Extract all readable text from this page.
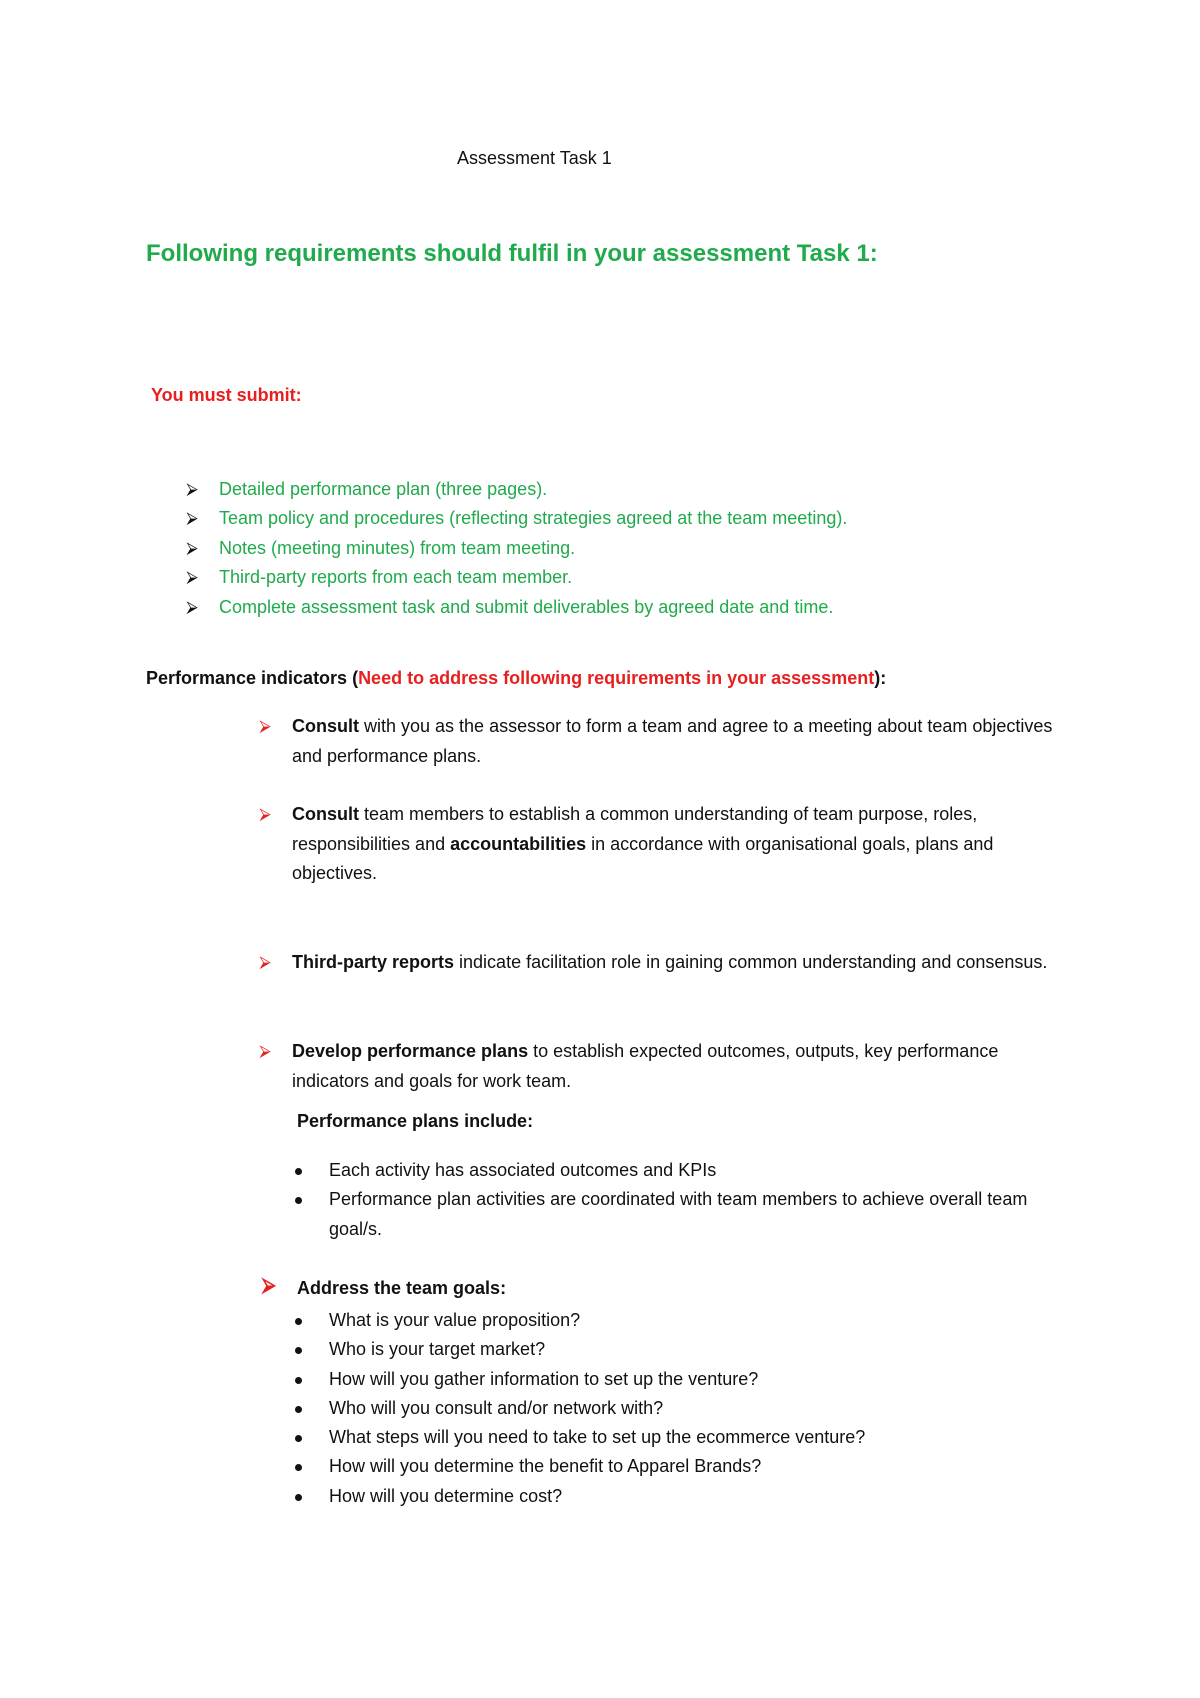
Assessment Task 1
Following requirements should fulfil in your assessment Task 1:
You must submit:
⮚ Detailed performance plan (three pages).
⮚ Team policy and procedures (reflecting strategies agreed at the team meeting).
⮚ Notes (meeting minutes) from team meeting.
⮚ Third-party reports from each team member.
⮚ Complete assessment task and submit deliverables by agreed date and time.
Performance indicators (Need to address following requirements in your assessment):
⮚ Consult with you as the assessor to form a team and agree to a meeting about team objectives and performance plans.
⮚ Consult team members to establish a common understanding of team purpose, roles, responsibilities and accountabilities in accordance with organisational goals, plans and objectives.
⮚ Third-party reports indicate facilitation role in gaining common understanding and consensus.
⮚ Develop performance plans to establish expected outcomes, outputs, key performance indicators and goals for work team.
Performance plans include:
Each activity has associated outcomes and KPIs
Performance plan activities are coordinated with team members to achieve overall team goal/s.
⮚ Address the team goals:
What is your value proposition?
Who is your target market?
How will you gather information to set up the venture?
Who will you consult and/or network with?
What steps will you need to take to set up the ecommerce venture?
How will you determine the benefit to Apparel Brands?
How will you determine cost?
